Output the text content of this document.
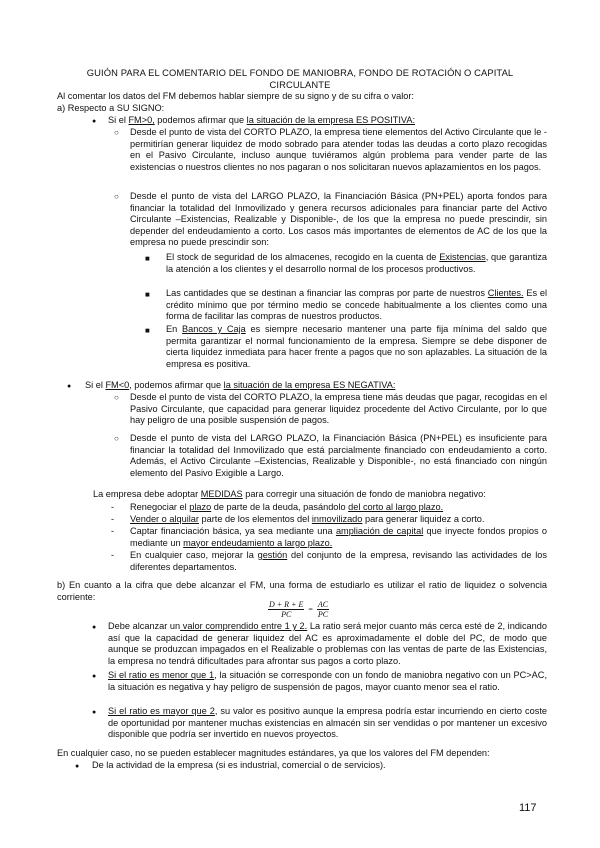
GUIÓN PARA EL COMENTARIO DEL FONDO DE MANIOBRA, FONDO DE ROTACIÓN O CAPITAL CIRCULANTE
Al comentar los datos del FM debemos hablar siempre de su signo y de su cifra o valor:
a) Respecto a SU SIGNO:
● Si el FM>0, podemos afirmar que la situación de la empresa ES POSITIVA:
○ Desde el punto de vista del CORTO PLAZO, la empresa tiene elementos del Activo Circulante que le - permitirían generar liquidez de modo sobrado para atender todas las deudas a corto plazo recogidas en el Pasivo Circulante, incluso aunque tuviéramos algún problema para vender parte de las existencias o nuestros clientes no nos pagaran o nos solicitaran nuevos aplazamientos en los pagos.
○ Desde el punto de vista del LARGO PLAZO, la Financiación Básica (PN+PEL) aporta fondos para financiar la totalidad del Inmovilizado y genera recursos adicionales para financiar parte del Activo Circulante –Existencias, Realizable y Disponible-, de los que la empresa no puede prescindir, sin depender del endeudamiento a corto. Los casos más importantes de elementos de AC de los que la empresa no puede prescindir son:
■ El stock de seguridad de los almacenes, recogido en la cuenta de Existencias, que garantiza la atención a los clientes y el desarrollo normal de los procesos productivos.
■ Las cantidades que se destinan a financiar las compras por parte de nuestros Clientes. Es el crédito mínimo que por término medio se concede habitualmente a los clientes como una forma de facilitar las compras de nuestros productos.
■ En Bancos y Caja es siempre necesario mantener una parte fija mínima del saldo que permita garantizar el normal funcionamiento de la empresa. Siempre se debe disponer de cierta liquidez inmediata para hacer frente a pagos que no son aplazables. La situación de la empresa es positiva.
● Si el FM<0, podemos afirmar que la situación de la empresa ES NEGATIVA:
○ Desde el punto de vista del CORTO PLAZO, la empresa tiene más deudas que pagar, recogidas en el Pasivo Circulante, que capacidad para generar liquidez procedente del Activo Circulante, por lo que hay peligro de una posible suspensión de pagos.
○ Desde el punto de vista del LARGO PLAZO, la Financiación Básica (PN+PEL) es insuficiente para financiar la totalidad del Inmovilizado que está parcialmente financiado con endeudamiento a corto. Además, el Activo Circulante –Existencias, Realizable y Disponible-, no está financiado con ningún elemento del Pasivo Exigible a Largo.
La empresa debe adoptar MEDIDAS para corregir una situación de fondo de maniobra negativo:
- Renegociar el plazo de parte de la deuda, pasándolo del corto al largo plazo.
- Vender o alquilar parte de los elementos del inmovilizado para generar liquidez a corto.
- Captar financiación básica, ya sea mediante una ampliación de capital que inyecte fondos propios o mediante un mayor endeudamiento a largo plazo.
- En cualquier caso, mejorar la gestión del conjunto de la empresa, revisando las actividades de los diferentes departamentos.
b) En cuanto a la cifra que debe alcanzar el FM, una forma de estudiarlo es utilizar el ratio de liquidez o solvencia corriente:
$\frac{D + R + E}{PC} = \frac{AC}{PC}$
● Debe alcanzar un valor comprendido entre 1 y 2. La ratio será mejor cuanto más cerca esté de 2, indicando así que la capacidad de generar liquidez del AC es aproximadamente el doble del PC, de modo que aunque se produzcan impagados en el Realizable o problemas con las ventas de parte de las Existencias, la empresa no tendrá dificultades para afrontar sus pagos a corto plazo.
● Si el ratio es menor que 1, la situación se corresponde con un fondo de maniobra negativo con un PC>AC, la situación es negativa y hay peligro de suspensión de pagos, mayor cuanto menor sea el ratio.
● Si el ratio es mayor que 2, su valor es positivo aunque la empresa podría estar incurriendo en cierto coste de oportunidad por mantener muchas existencias en almacén sin ser vendidas o por mantener un excesivo disponible que podría ser invertido en nuevos proyectos.
En cualquier caso, no se pueden establecer magnitudes estándares, ya que los valores del FM dependen:
● De la actividad de la empresa (si es industrial, comercial o de servicios).
117
